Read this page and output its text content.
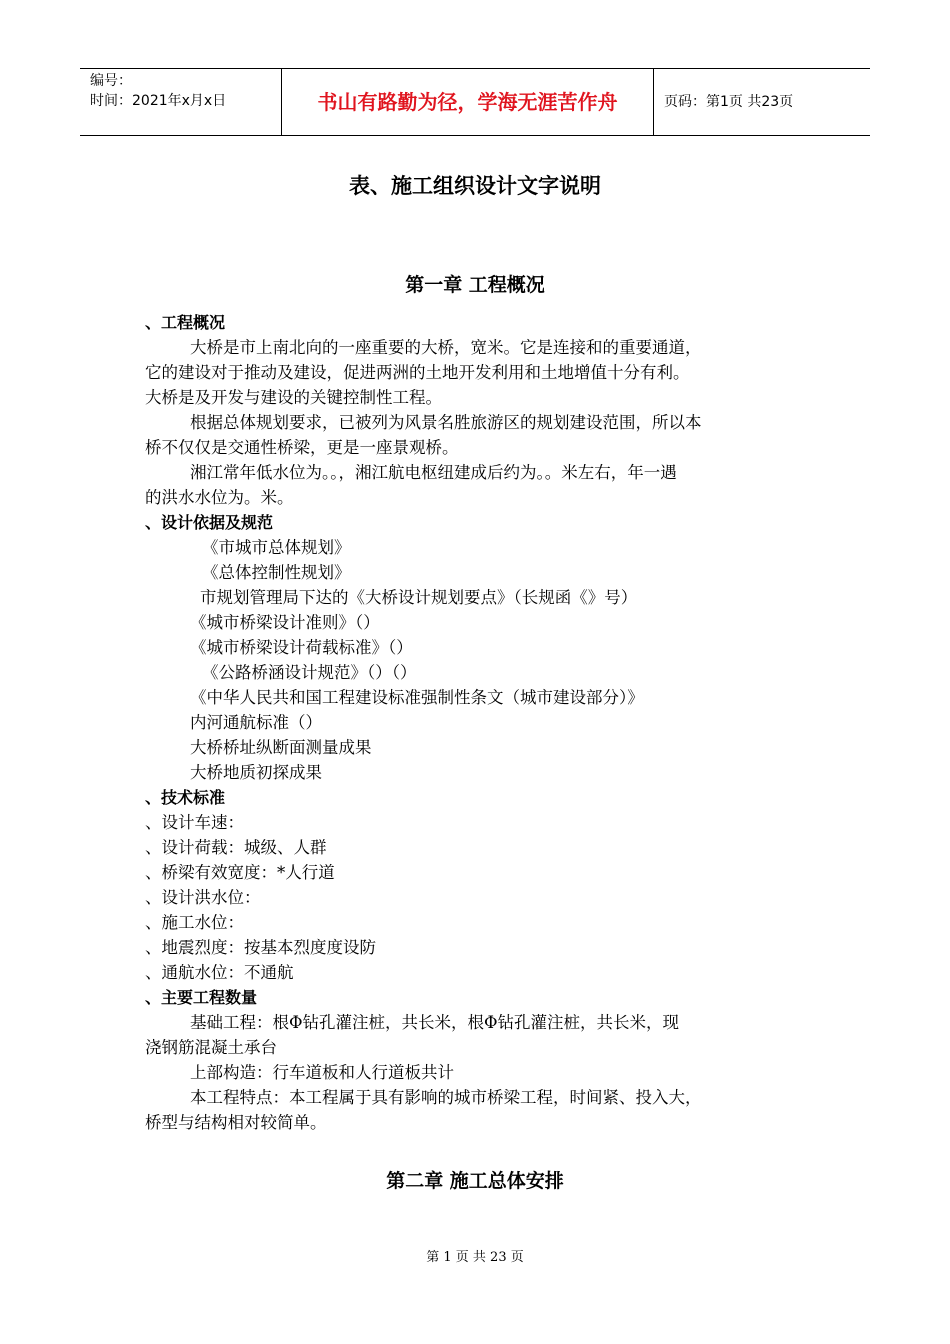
编号：
时间：2021年x月x日	书山有路勤为径，学海无涯苦作舟	页码：第1页 共23页
表、施工组织设计文字说明
第一章 工程概况
、工程概况
大桥是市上南北向的一座重要的大桥，宽米。它是连接和的重要通道，
它的建设对于推动及建设，促进两洲的土地开发利用和土地增值十分有利。
大桥是及开发与建设的关键控制性工程。
根据总体规划要求，已被列为风景名胜旅游区的规划建设范围，所以本
桥不仅仅是交通性桥梁，更是一座景观桥。
湘江常年低水位为。。，湘江航电枢纽建成后约为。。米左右，年一遇
的洪水水位为。米。
、设计依据及规范
《市城市总体规划》
《总体控制性规划》
市规划管理局下达的《大桥设计规划要点》（长规函《》号）
《城市桥梁设计准则》（）
《城市桥梁设计荷载标准》（）
《公路桥涵设计规范》（）（）
《中华人民共和国工程建设标准强制性条文（城市建设部分）》
内河通航标准（）
大桥桥址纵断面测量成果
大桥地质初探成果
、技术标准
、设计车速：
、设计荷载：城级、人群
、桥梁有效宽度：*人行道
、设计洪水位：
、施工水位：
、地震烈度：按基本烈度度设防
、通航水位：不通航
、主要工程数量
基础工程：根Φ钻孔灌注桩，共长米，根Φ钻孔灌注桩，共长米，现
浇钢筋混凝土承台
上部构造：行车道板和人行道板共计
本工程特点：本工程属于具有影响的城市桥梁工程，时间紧、投入大，
桥型与结构相对较简单。
第二章 施工总体安排
第 1 页 共 23 页
